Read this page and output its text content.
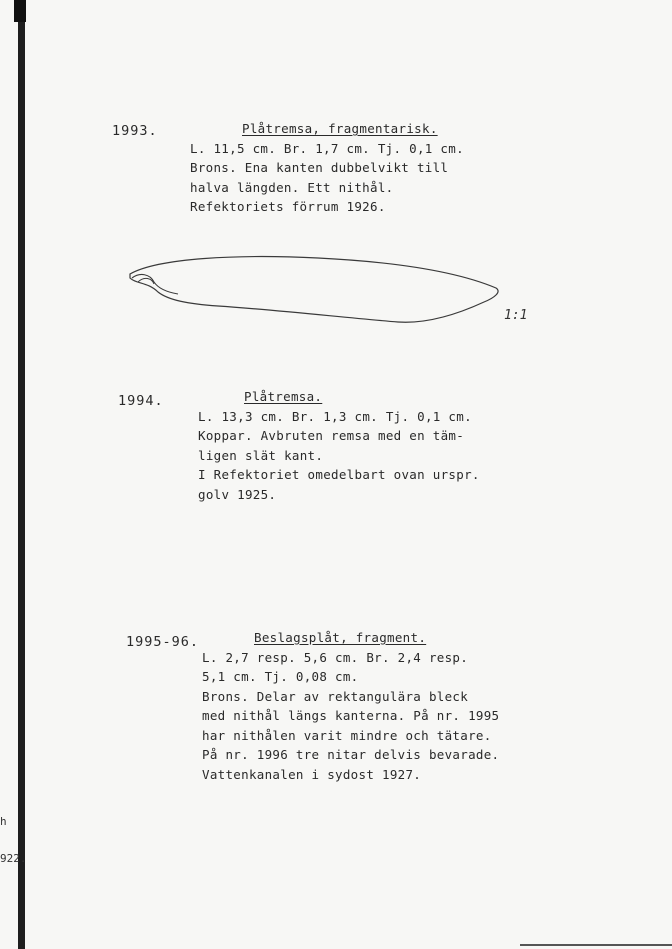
h
922.
1993.	Plåtremsa, fragmentarisk.
L. 11,5 cm. Br. 1,7 cm. Tj. 0,1 cm.
Brons. Ena kanten dubbelvikt till
halva längden. Ett nithål.
Refektoriets förrum 1926.
1:1
1994.	Plåtremsa.
L. 13,3 cm. Br. 1,3 cm. Tj. 0,1 cm.
Koppar. Avbruten remsa med en täm-
ligen slät kant.
I Refektoriet omedelbart ovan urspr.
golv 1925.
1995-96.	Beslagsplåt, fragment.
L. 2,7 resp. 5,6 cm. Br. 2,4 resp.
5,1 cm. Tj. 0,08 cm.
Brons. Delar av rektangulära bleck
med nithål längs kanterna. På nr. 1995
har nithålen varit mindre och tätare.
På nr. 1996 tre nitar delvis bevarade.
Vattenkanalen i sydost 1927.
